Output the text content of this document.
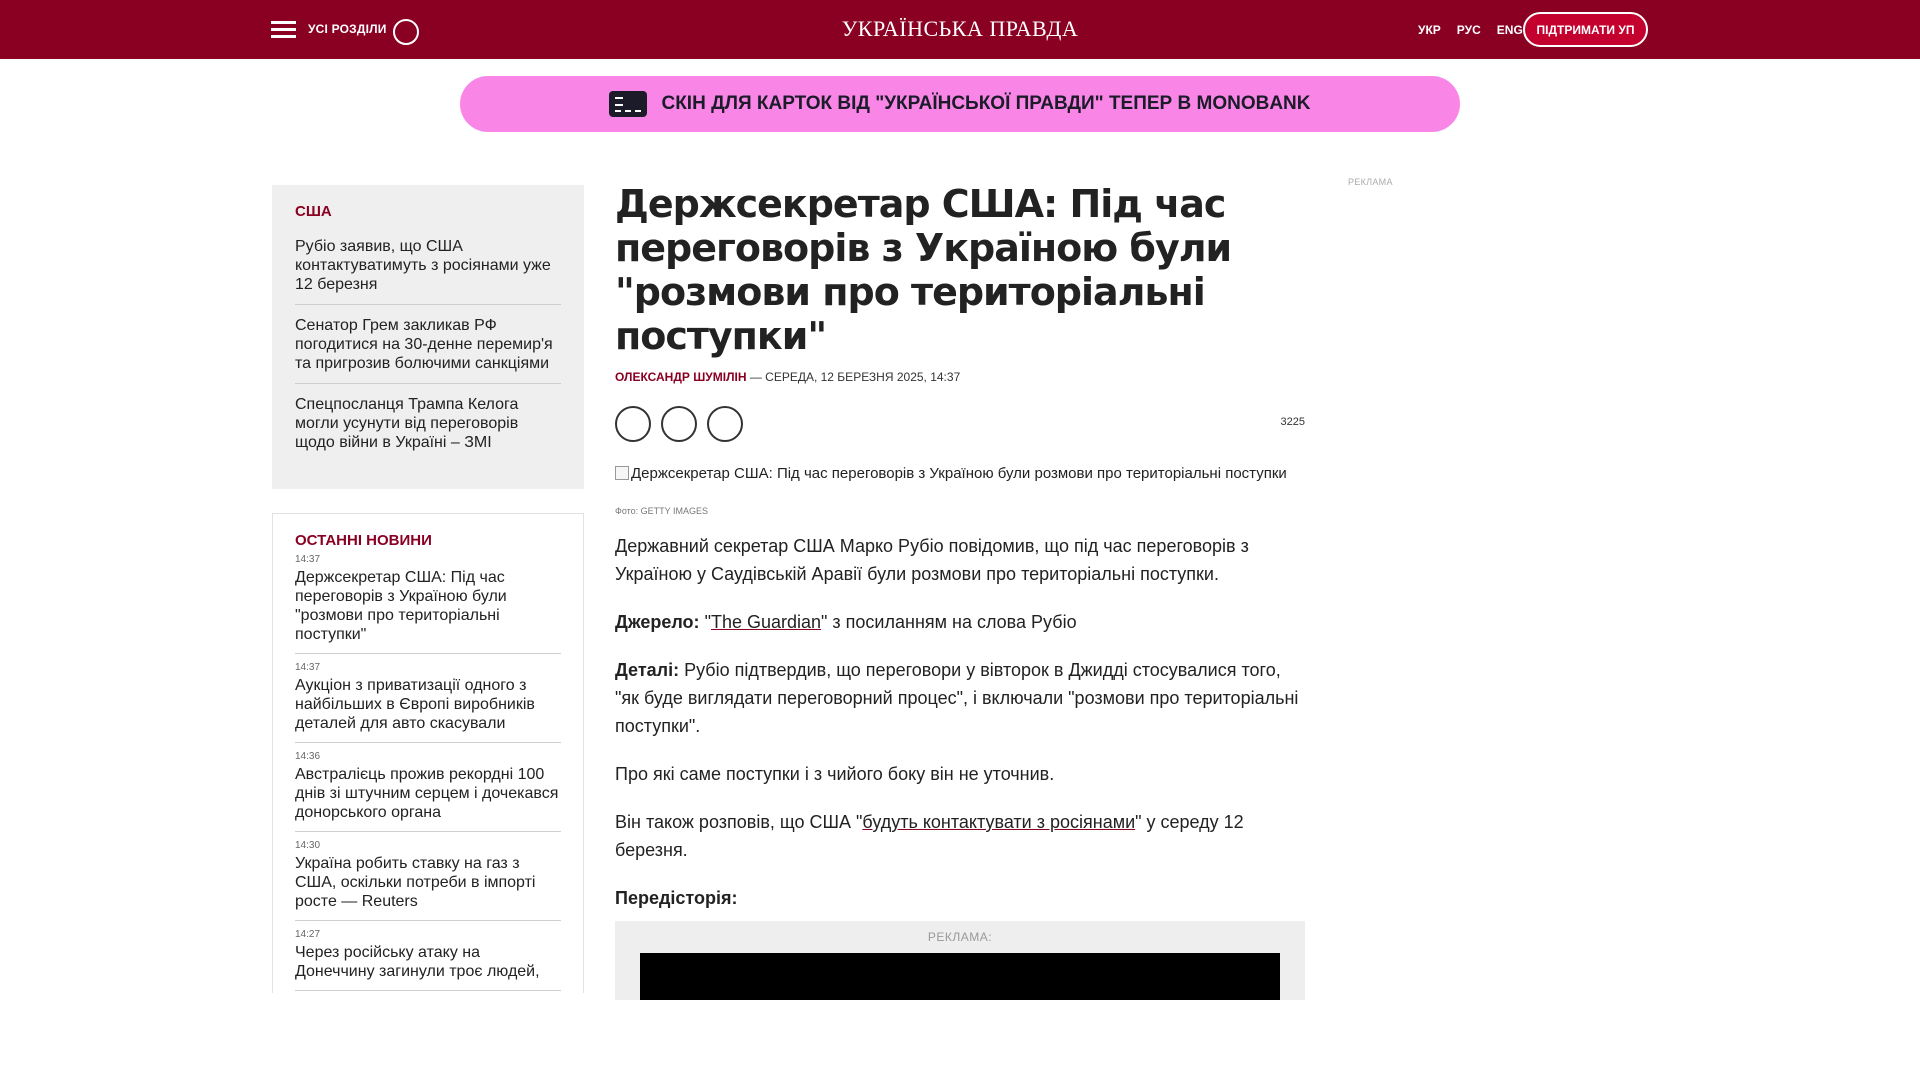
УСІ РОЗДІЛИ	УКРАЇНСЬКА ПРАВДА	УКР РУС ENG	ПІДТРИМАТИ УП
СКІН ДЛЯ КАРТОК ВІД "УКРАЇНСЬКОЇ ПРАВДИ" ТЕПЕР В MONOBANK
США
Рубіо заявив, що США контактуватимуть з росіянами уже 12 березня
Сенатор Грем закликав РФ погодитися на 30-денне перемир'я та пригрозив болючими санкціями
Спецпосланця Трампа Келога могли усунути від переговорів щодо війни в Україні – ЗМІ
ОСТАННІ НОВИНИ
14:37
Держсекретар США: Під час переговорів з Україною були "розмови про територіальні поступки"
14:37
Аукціон з приватизації одного з найбільших в Європі виробників деталей для авто скасували
14:36
Австралієць прожив рекордні 100 днів зі штучним серцем і дочекався донорського органа
14:30
Україна робить ставку на газ з США, оскільки потреби в імпорті росте — Reuters
14:27
Через російську атаку на Донеччину загинули троє людей,
Держсекретар США: Під час переговорів з Україною були "розмови про територіальні поступки"
ОЛЕКСАНДР ШУМІЛІН — СЕРЕДА, 12 БЕРЕЗНЯ 2025, 14:37
3225
Держсекретар США: Під час переговорів з Україною були розмови про територіальні поступки
Фото: GETTY IMAGES

Державний секретар США Марко Рубіо повідомив, що під час переговорів з Україною у Саудівській Аравії були розмови про територіальні поступки.

Джерело: "The Guardian" з посиланням на слова Рубіо

Деталі: Рубіо підтвердив, що переговори у вівторок в Джидді стосувалися того, "як буде виглядати переговорний процес", і включали "розмови про територіальні поступки".

Про які саме поступки і з чийого боку він не уточнив.

Він також розповів, що США "будуть контактувати з росіянами" у середу 12 березня.

Передісторія:

РЕКЛАМА:
РЕКЛАМА
